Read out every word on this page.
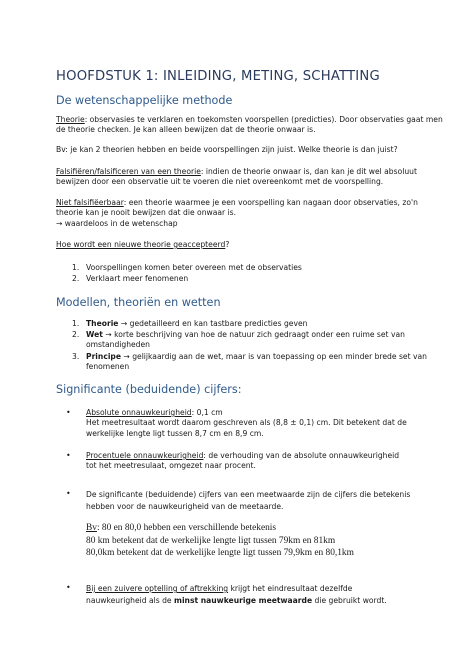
HOOFDSTUK 1: INLEIDING, METING, SCHATTING
De wetenschappelijke methode
Theorie: observasies te verklaren en toekomsten voorspellen (predicties). Door observaties gaat men
de theorie checken. Je kan alleen bewijzen dat de theorie onwaar is.
Bv: je kan 2 theorien hebben en beide voorspellingen zijn juist. Welke theorie is dan juist?
Falsifiëren/falsificeren van een theorie: indien de theorie onwaar is, dan kan je dit wel absoluut
bewijzen door een observatie uit te voeren die niet overeenkomt met de voorspelling.
Niet falsifiëerbaar: een theorie waarmee je een voorspelling kan nagaan door observaties, zo'n
theorie kan je nooit bewijzen dat die onwaar is.
→ waardeloos in de wetenschap
Hoe wordt een nieuwe theorie geaccepteerd?
1. Voorspellingen komen beter overeen met de observaties
2. Verklaart meer fenomenen
Modellen, theoriën en wetten
1. Theorie → gedetailleerd en kan tastbare predicties geven
2. Wet → korte beschrijving van hoe de natuur zich gedraagt onder een ruime set van
omstandigheden
3. Principe → gelijkaardig aan de wet, maar is van toepassing op een minder brede set van
fenomenen
Significante (beduidende) cijfers:
• Absolute onnauwkeurigheid: 0,1 cm
Het meetresultaat wordt daarom geschreven als (8,8 ± 0,1) cm. Dit betekent dat de
werkelijke lengte ligt tussen 8,7 cm en 8,9 cm.
• Procentuele onnauwkeurigheid: de verhouding van de absolute onnauwkeurigheid
tot het meetresulaat, omgezet naar procent.
• De significante (beduidende) cijfers van een meetwaarde zijn de cijfers die betekenis
hebben voor de nauwkeurigheid van de meetaarde.
Bv: 80 en 80,0 hebben een verschillende betekenis
80 km betekent dat de werkelijke lengte ligt tussen 79km en 81km
80,0km betekent dat de werkelijke lengte ligt tussen 79,9km en 80,1km
• Bij een zuivere optelling of aftrekking krijgt het eindresultaat dezelfde
nauwkeurigheid als de minst nauwkeurige meetwaarde die gebruikt wordt.
